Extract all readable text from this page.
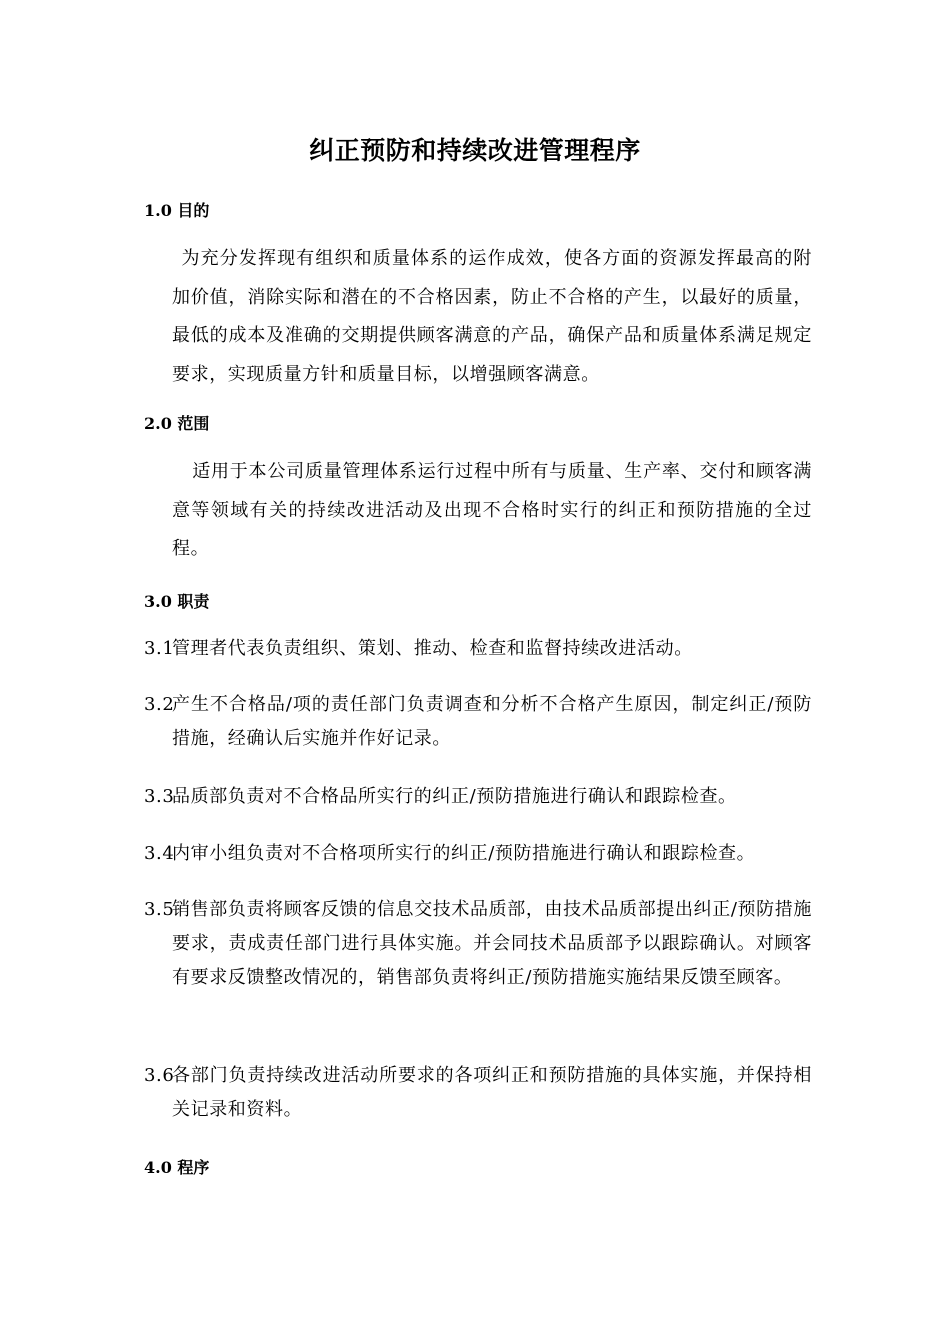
纠正预防和持续改进管理程序
1.0 目的

为充分发挥现有组织和质量体系的运作成效，使各方面的资源发挥最高的附加价值，消除实际和潜在的不合格因素，防止不合格的产生，以最好的质量，最低的成本及准确的交期提供顾客满意的产品，确保产品和质量体系满足规定要求，实现质量方针和质量目标，以增强顾客满意。

2.0 范围

适用于本公司质量管理体系运行过程中所有与质量、生产率、交付和顾客满意等领域有关的持续改进活动及出现不合格时实行的纠正和预防措施的全过程。

3.0 职责
3.1
管理者代表负责组织、策划、推动、检查和监督持续改进活动。
3.2
产生不合格品/项的责任部门负责调查和分析不合格产生原因，制定纠正/预防措施，经确认后实施并作好记录。
3.3
品质部负责对不合格品所实行的纠正/预防措施进行确认和跟踪检查。
3.4
内审小组负责对不合格项所实行的纠正/预防措施进行确认和跟踪检查。
3.5
销售部负责将顾客反馈的信息交技术品质部，由技术品质部提出纠正/预防措施要求，责成责任部门进行具体实施。并会同技术品质部予以跟踪确认。对顾客有要求反馈整改情况的，销售部负责将纠正/预防措施实施结果反馈至顾客。
3.6
各部门负责持续改进活动所要求的各项纠正和预防措施的具体实施，并保持相关记录和资料。
4.0 程序
